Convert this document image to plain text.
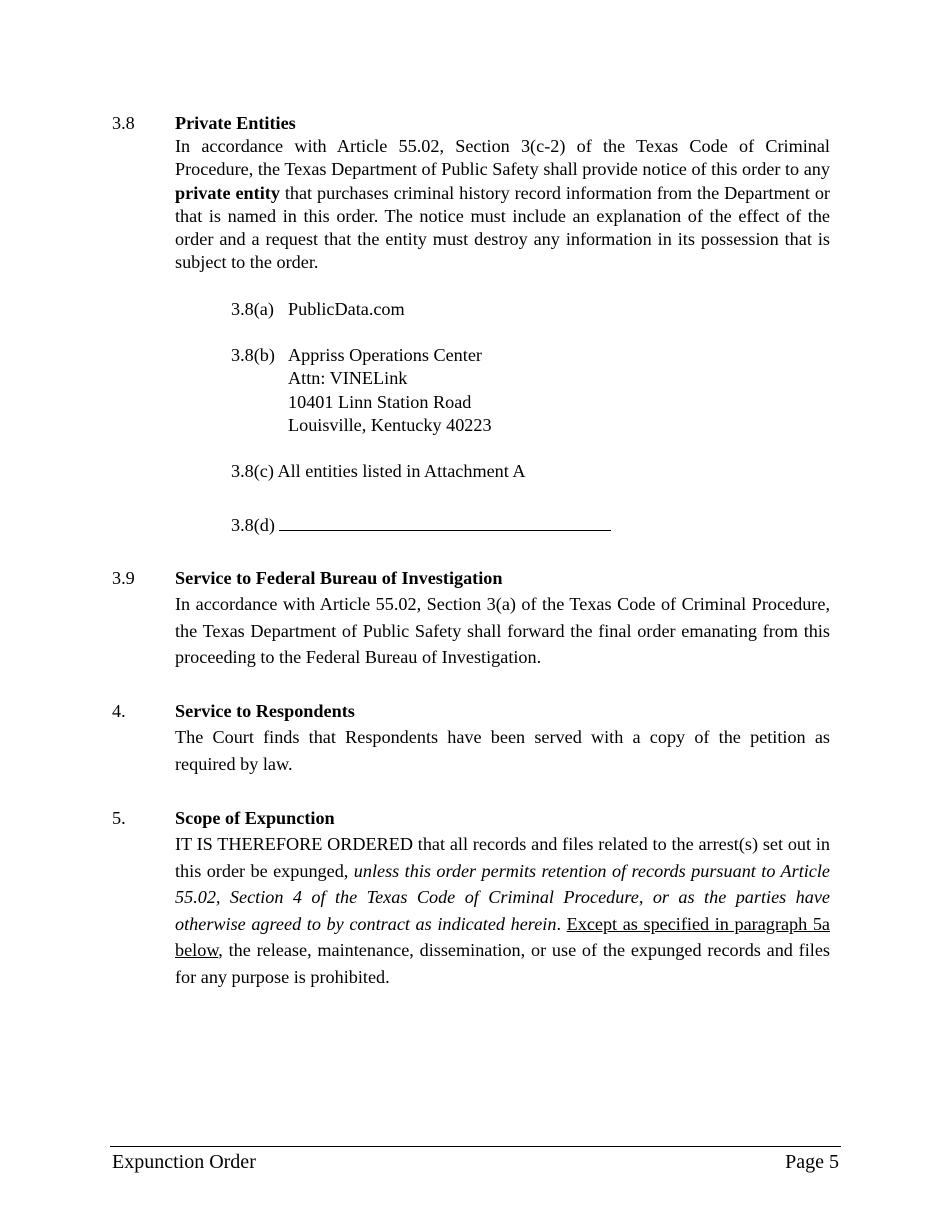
3.8 Private Entities
In accordance with Article 55.02, Section 3(c-2) of the Texas Code of Criminal Procedure, the Texas Department of Public Safety shall provide notice of this order to any private entity that purchases criminal history record information from the Department or that is named in this order. The notice must include an explanation of the effect of the order and a request that the entity must destroy any information in its possession that is subject to the order.
3.8(a) PublicData.com
3.8(b) Appriss Operations Center
Attn: VINELink
10401 Linn Station Road
Louisville, Kentucky 40223
3.8(c) All entities listed in Attachment A
3.8(d)
3.9 Service to Federal Bureau of Investigation
In accordance with Article 55.02, Section 3(a) of the Texas Code of Criminal Procedure, the Texas Department of Public Safety shall forward the final order emanating from this proceeding to the Federal Bureau of Investigation.
4.	Service to Respondents
The Court finds that Respondents have been served with a copy of the petition as required by law.
5.	Scope of Expunction
IT IS THEREFORE ORDERED that all records and files related to the arrest(s) set out in this order be expunged, unless this order permits retention of records pursuant to Article 55.02, Section 4 of the Texas Code of Criminal Procedure, or as the parties have otherwise agreed to by contract as indicated herein. Except as specified in paragraph 5a below, the release, maintenance, dissemination, or use of the expunged records and files for any purpose is prohibited.
Expunction Order	Page 5
